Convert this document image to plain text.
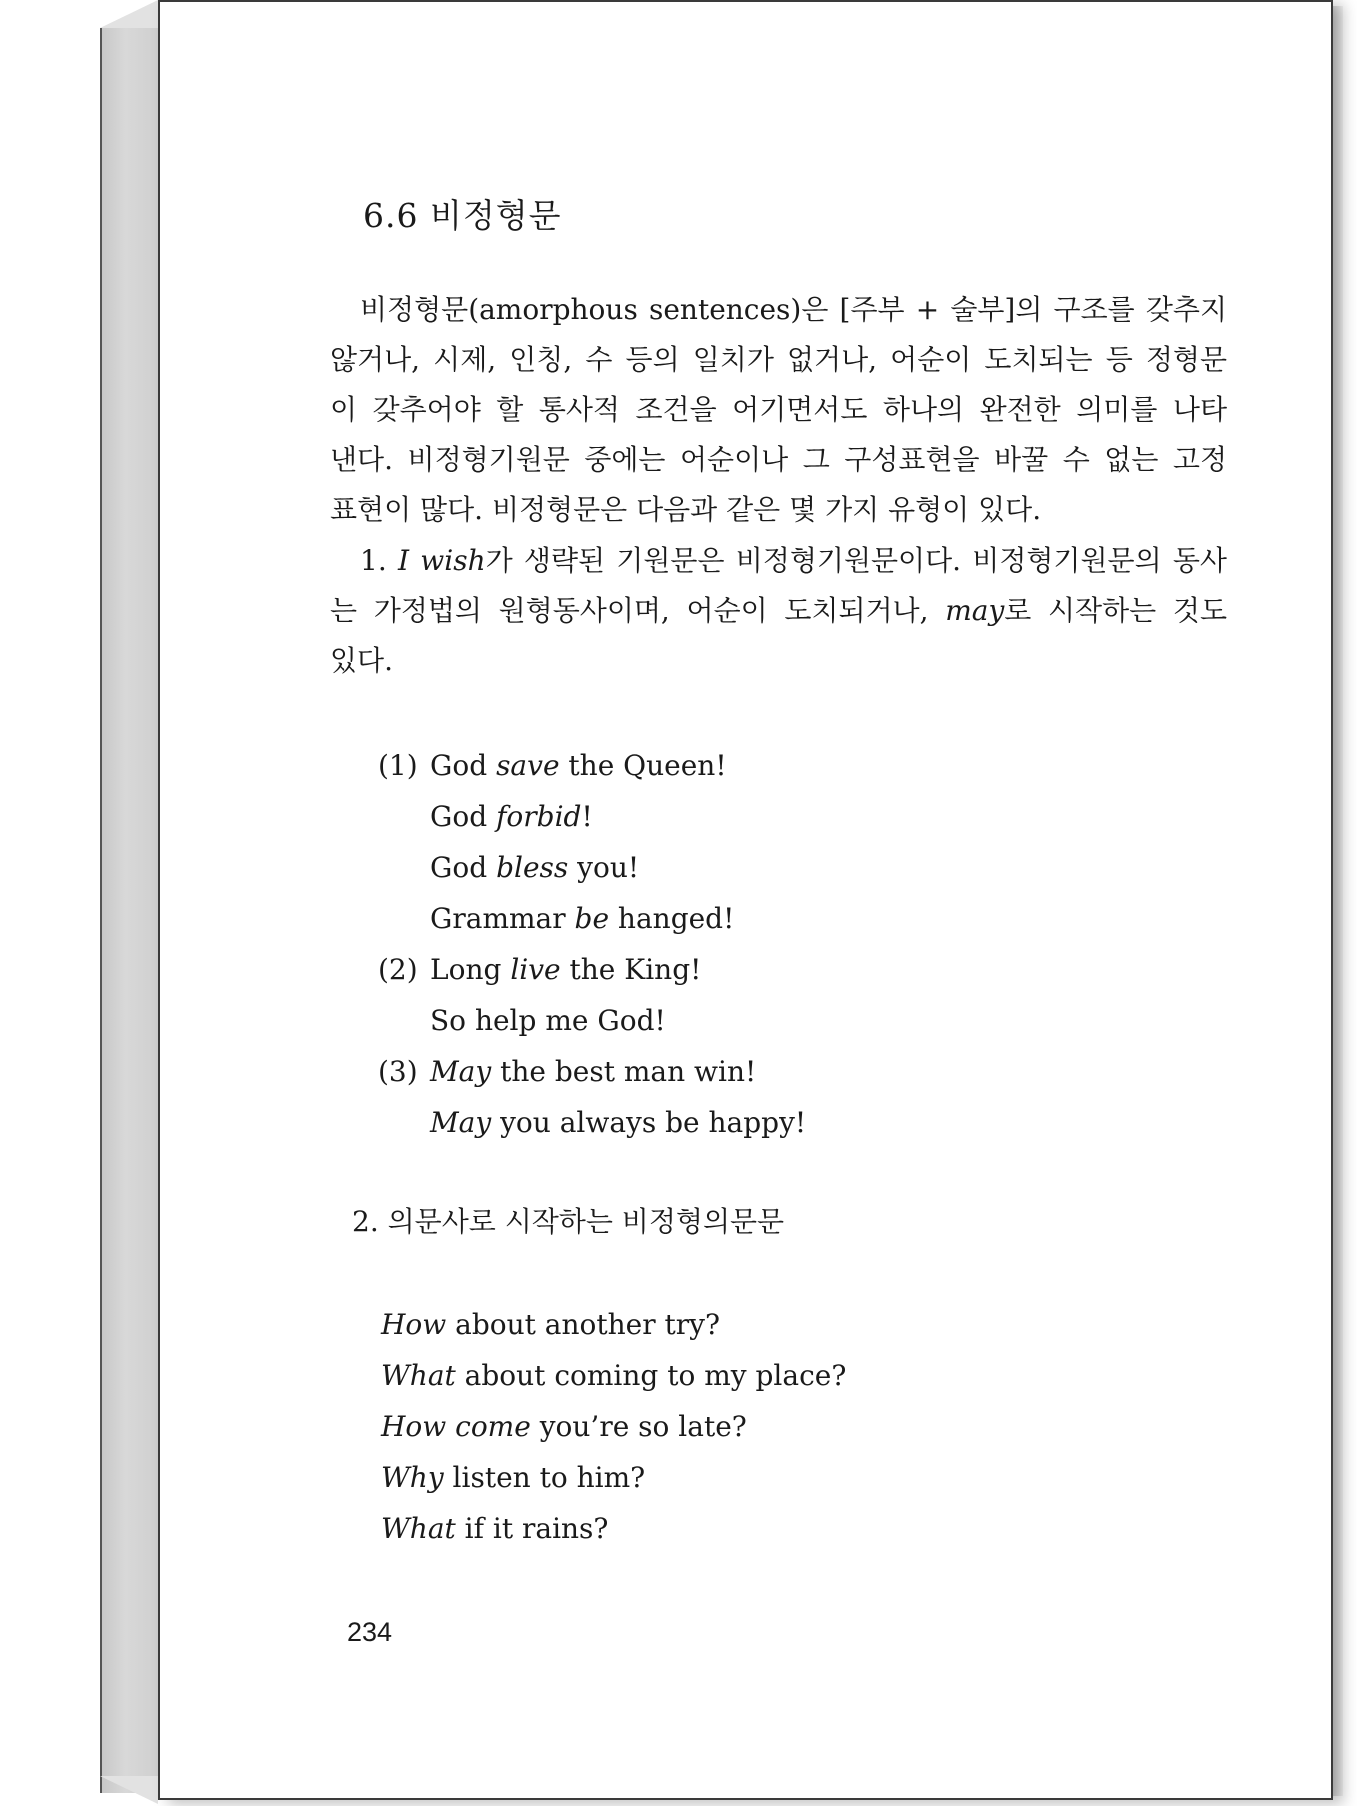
6.6 비정형문
비정형문(amorphous sentences)은 [주부 + 술부]의 구조를 갖추지
않거나, 시제, 인칭, 수 등의 일치가 없거나, 어순이 도치되는 등 정형문
이 갖추어야 할 통사적 조건을 어기면서도 하나의 완전한 의미를 나타
낸다. 비정형기원문 중에는 어순이나 그 구성표현을 바꿀 수 없는 고정
표현이 많다. 비정형문은 다음과 같은 몇 가지 유형이 있다.
1. I wish가 생략된 기원문은 비정형기원문이다. 비정형기원문의 동사
는 가정법의 원형동사이며, 어순이 도치되거나, may로 시작하는 것도
있다.
(1) God save the Queen!
God forbid!
God bless you!
Grammar be hanged!
(2) Long live the King!
So help me God!
(3) May the best man win!
May you always be happy!
2. 의문사로 시작하는 비정형의문문
How about another try?
What about coming to my place?
How come you’re so late?
Why listen to him?
What if it rains?
234
